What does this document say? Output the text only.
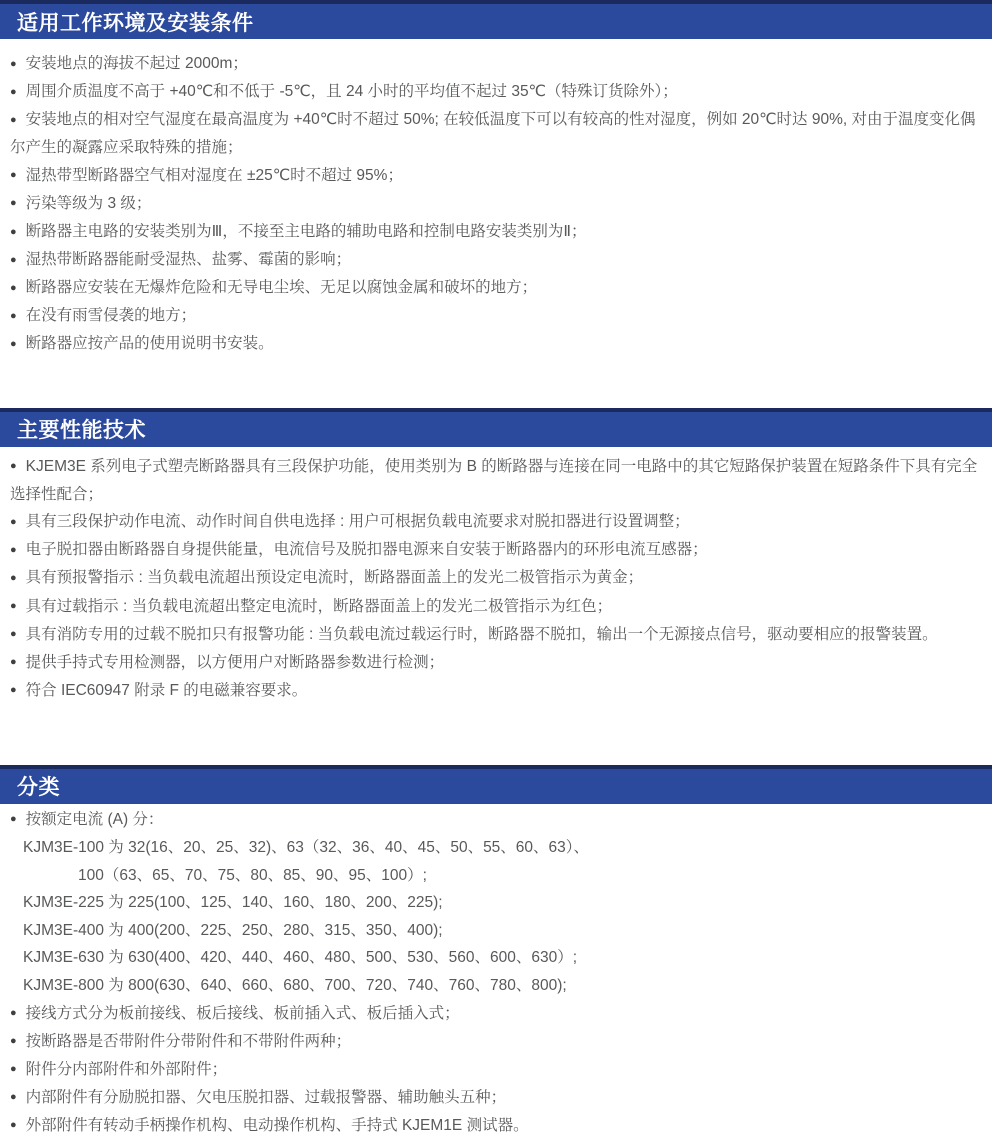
适用工作环境及安装条件

● 安装地点的海拔不起过 2000m；

● 周围介质温度不高于 +40℃和不低于 -5℃，且 24 小时的平均值不起过 35℃（特殊订货除外）；

● 安装地点的相对空气湿度在最高温度为 +40℃时不超过 50%; 在较低温度下可以有较高的性对湿度，例如 20℃时达 90%, 对由于温度变化偶尔产生的凝露应采取特殊的措施；

● 湿热带型断路器空气相对湿度在 ±25℃时不超过 95%；

● 污染等级为 3 级；

● 断路器主电路的安装类别为Ⅲ，不接至主电路的辅助电路和控制电路安装类别为Ⅱ；

● 湿热带断路器能耐受湿热、盐雾、霉菌的影响；

● 断路器应安装在无爆炸危险和无导电尘埃、无足以腐蚀金属和破坏的地方；

● 在没有雨雪侵袭的地方；

● 断路器应按产品的使用说明书安装。

主要性能技术

● KJEM3E 系列电子式塑壳断路器具有三段保护功能，使用类别为 B 的断路器与连接在同一电路中的其它短路保护装置在短路条件下具有完全选择性配合；

● 具有三段保护动作电流、动作时间自供电选择 : 用户可根据负载电流要求对脱扣器进行设置调整；

● 电子脱扣器由断路器自身提供能量，电流信号及脱扣器电源来自安装于断路器内的环形电流互感器；

● 具有预报警指示 : 当负载电流超出预设定电流时，断路器面盖上的发光二极管指示为黄金；

● 具有过载指示 : 当负载电流超出整定电流时，断路器面盖上的发光二极管指示为红色；

● 具有消防专用的过载不脱扣只有报警功能 : 当负载电流过载运行时，断路器不脱扣，输出一个无源接点信号，驱动要相应的报警装置。

● 提供手持式专用检测器，以方便用户对断路器参数进行检测；

● 符合 IEC60947 附录 F 的电磁兼容要求。

分类

● 按额定电流 (A) 分：

KJM3E-100 为 32(16、20、25、32)、63（32、36、40、45、50、55、60、63）、

100（63、65、70、75、80、85、90、95、100）;

KJM3E-225 为 225(100、125、140、160、180、200、225);

KJM3E-400 为 400(200、225、250、280、315、350、400);

KJM3E-630 为 630(400、420、440、460、480、500、530、560、600、630）;

KJM3E-800 为 800(630、640、660、680、700、720、740、760、780、800);

● 接线方式分为板前接线、板后接线、板前插入式、板后插入式；

● 按断路器是否带附件分带附件和不带附件两种；

● 附件分内部附件和外部附件；

● 内部附件有分励脱扣器、欠电压脱扣器、过载报警器、辅助触头五种；

● 外部附件有转动手柄操作机构、电动操作机构、手持式 KJEM1E 测试器。
